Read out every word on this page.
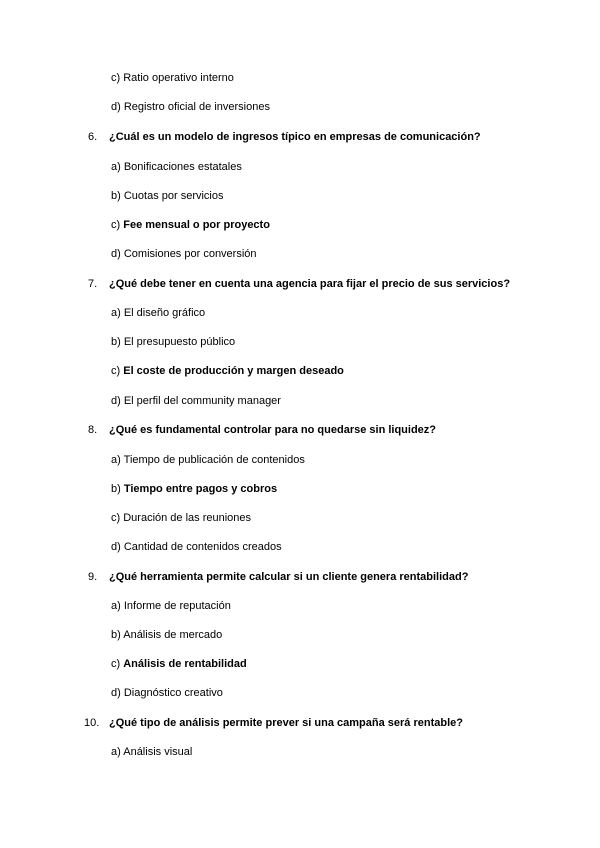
c) Ratio operativo interno
d) Registro oficial de inversiones
6.	¿Cuál es un modelo de ingresos típico en empresas de comunicación?
a) Bonificaciones estatales
b) Cuotas por servicios
c) Fee mensual o por proyecto
d) Comisiones por conversión
7.	¿Qué debe tener en cuenta una agencia para fijar el precio de sus servicios?
a) El diseño gráfico
b) El presupuesto público
c) El coste de producción y margen deseado
d) El perfil del community manager
8.	¿Qué es fundamental controlar para no quedarse sin liquidez?
a) Tiempo de publicación de contenidos
b) Tiempo entre pagos y cobros
c) Duración de las reuniones
d) Cantidad de contenidos creados
9.	¿Qué herramienta permite calcular si un cliente genera rentabilidad?
a) Informe de reputación
b) Análisis de mercado
c) Análisis de rentabilidad
d) Diagnóstico creativo
10. ¿Qué tipo de análisis permite prever si una campaña será rentable?
a) Análisis visual
